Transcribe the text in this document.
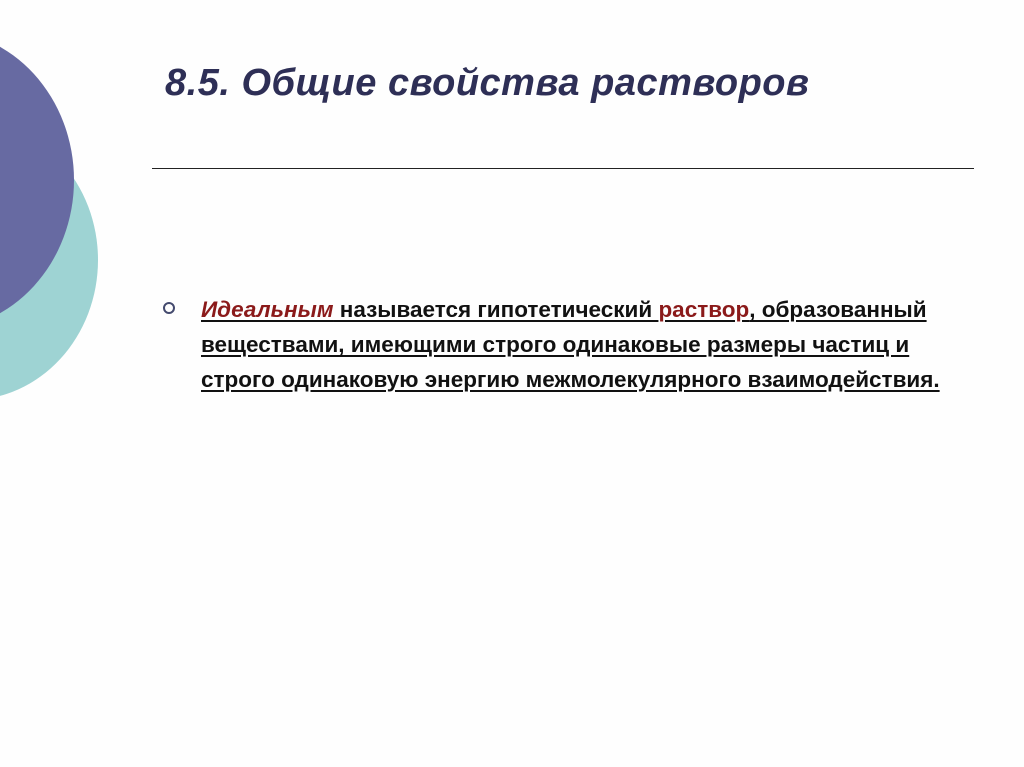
8.5. Общие свойства растворов

Идеальным называется гипотетический раствор, образованный веществами, имеющими строго одинаковые размеры частиц и строго одинаковую энергию межмолекулярного взаимодействия.
